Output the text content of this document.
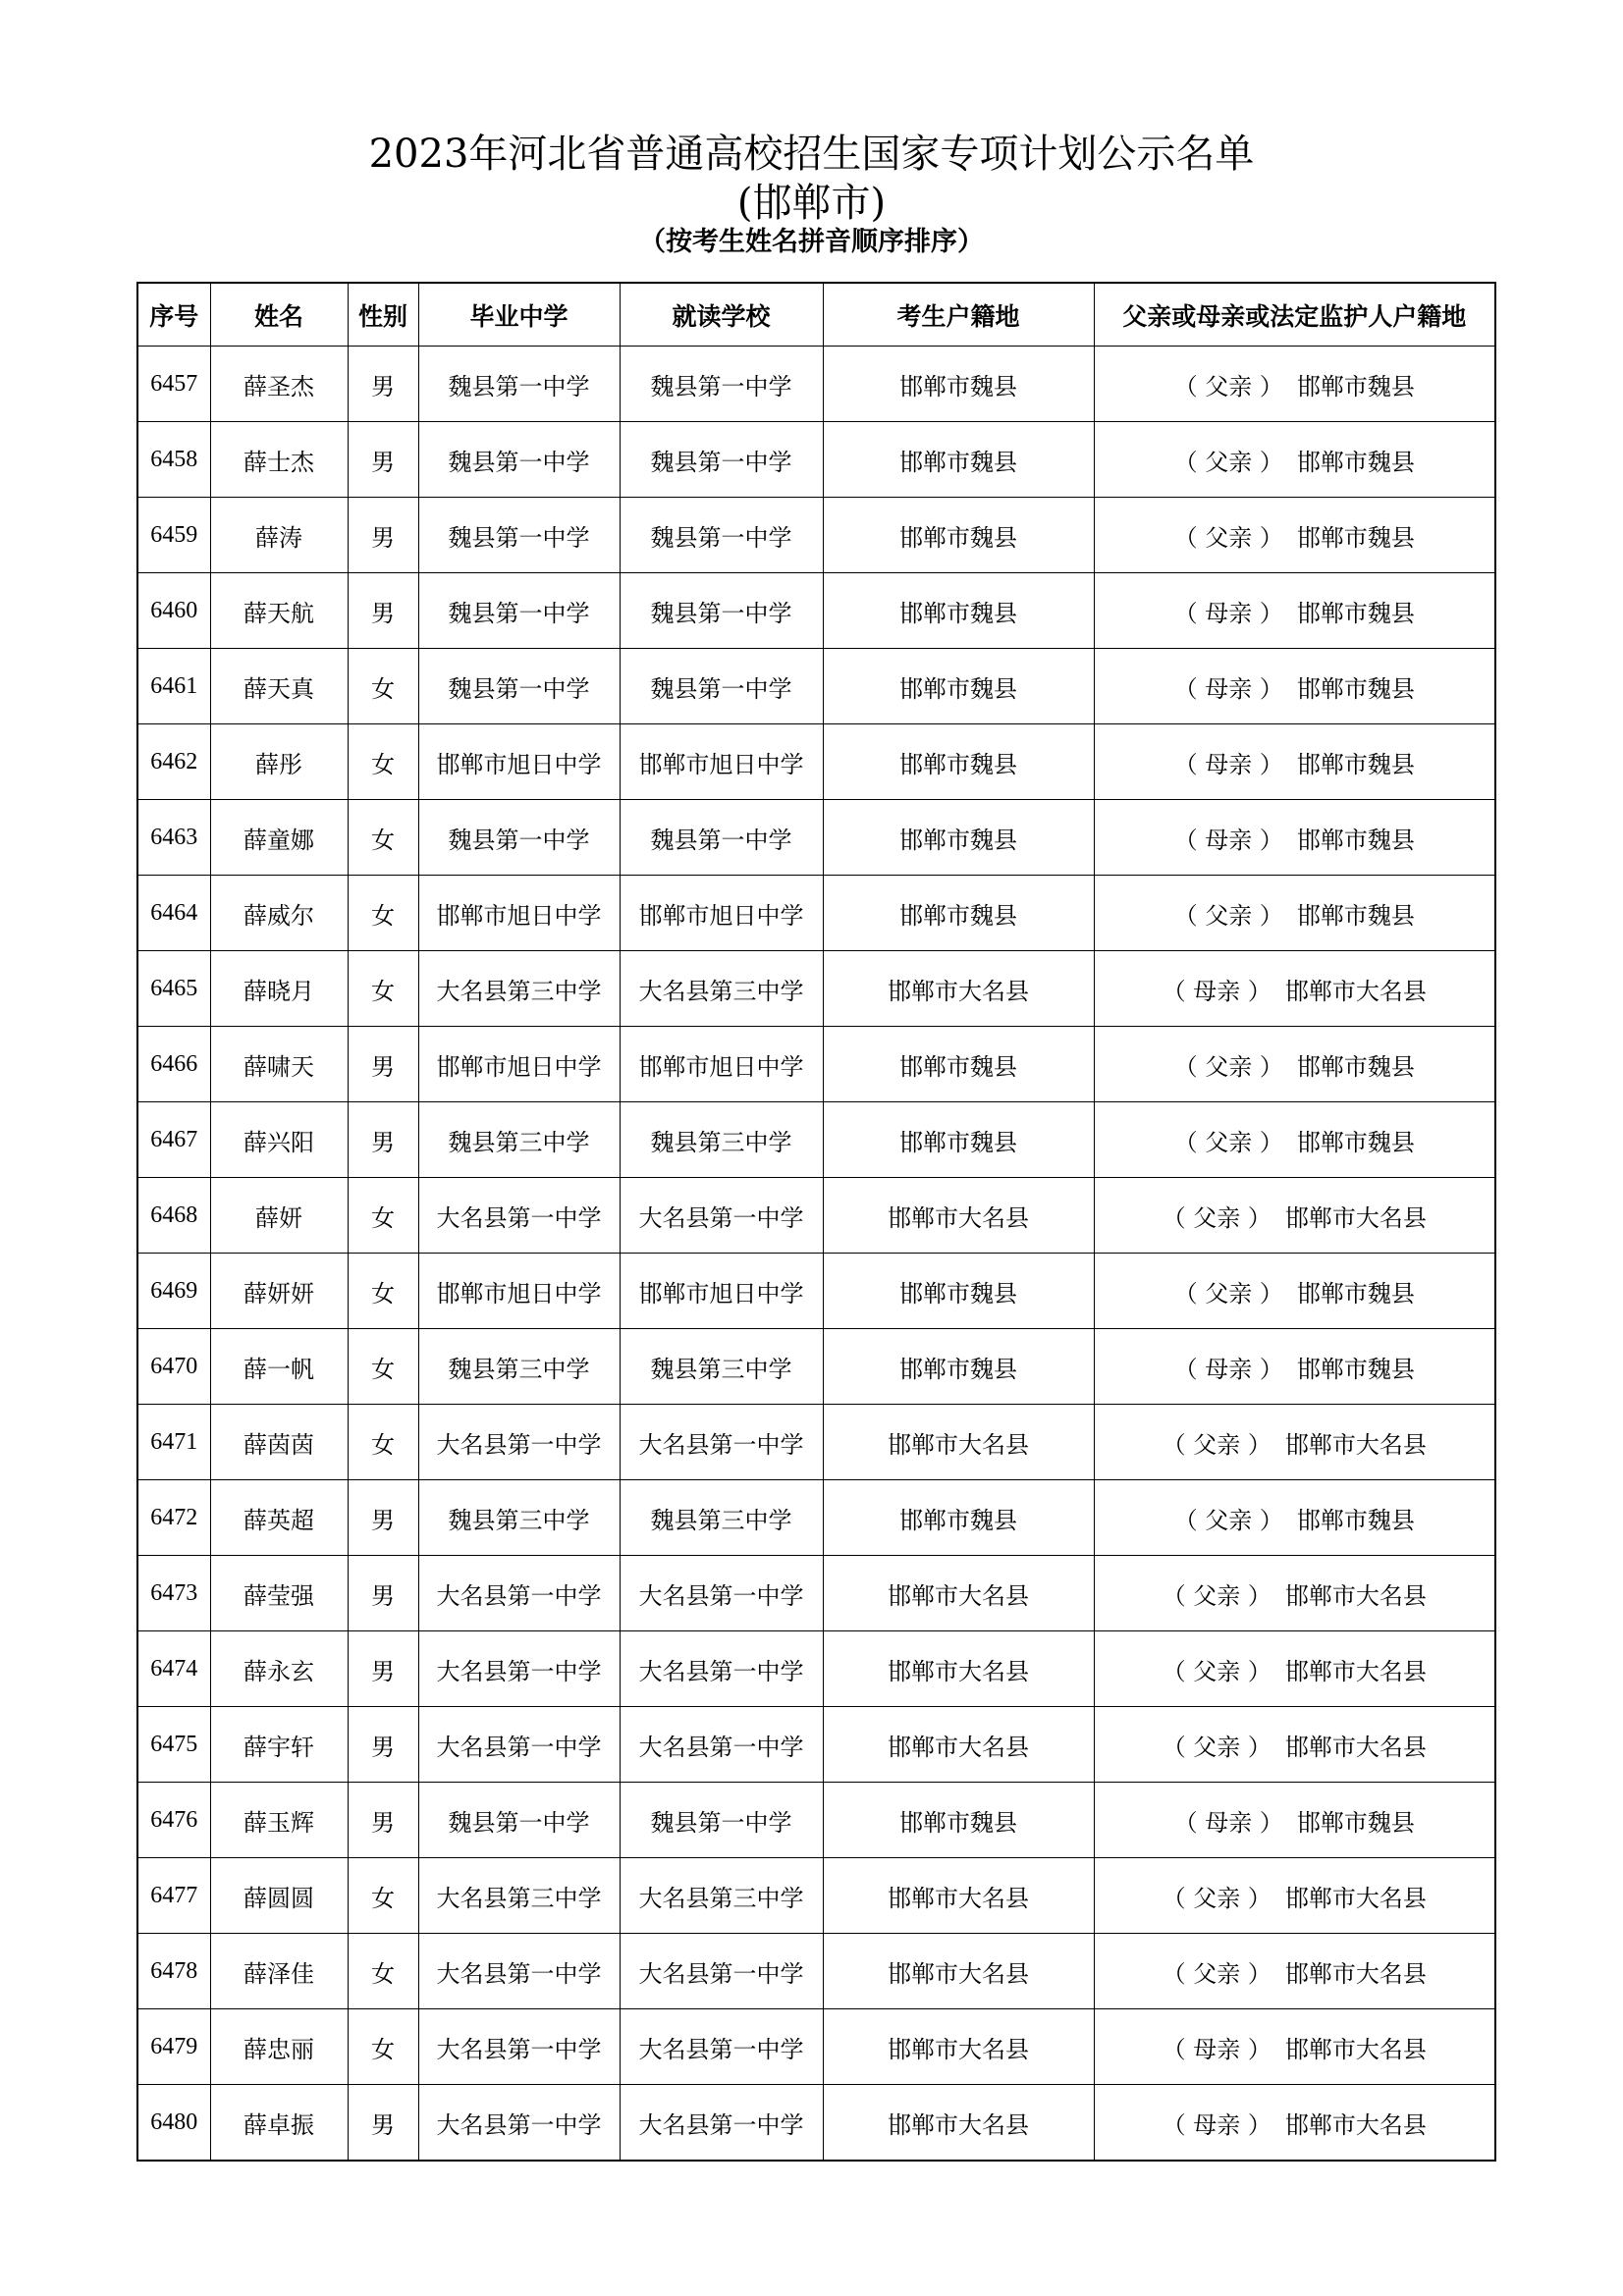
2023年河北省普通高校招生国家专项计划公示名单
(邯郸市)
（按考生姓名拼音顺序排序）
序号	姓名	性别	毕业中学	就读学校	考生户籍地	父亲或母亲或法定监护人户籍地
6457	薛圣杰	男	魏县第一中学	魏县第一中学	邯郸市魏县	（ 父亲 ） 邯郸市魏县
6458	薛士杰	男	魏县第一中学	魏县第一中学	邯郸市魏县	（ 父亲 ） 邯郸市魏县
6459	薛涛	男	魏县第一中学	魏县第一中学	邯郸市魏县	（ 父亲 ） 邯郸市魏县
6460	薛天航	男	魏县第一中学	魏县第一中学	邯郸市魏县	（ 母亲 ） 邯郸市魏县
6461	薛天真	女	魏县第一中学	魏县第一中学	邯郸市魏县	（ 母亲 ） 邯郸市魏县
6462	薛彤	女	邯郸市旭日中学	邯郸市旭日中学	邯郸市魏县	（ 母亲 ） 邯郸市魏县
6463	薛童娜	女	魏县第一中学	魏县第一中学	邯郸市魏县	（ 母亲 ） 邯郸市魏县
6464	薛威尔	女	邯郸市旭日中学	邯郸市旭日中学	邯郸市魏县	（ 父亲 ） 邯郸市魏县
6465	薛晓月	女	大名县第三中学	大名县第三中学	邯郸市大名县	（ 母亲 ） 邯郸市大名县
6466	薛啸天	男	邯郸市旭日中学	邯郸市旭日中学	邯郸市魏县	（ 父亲 ） 邯郸市魏县
6467	薛兴阳	男	魏县第三中学	魏县第三中学	邯郸市魏县	（ 父亲 ） 邯郸市魏县
6468	薛妍	女	大名县第一中学	大名县第一中学	邯郸市大名县	（ 父亲 ） 邯郸市大名县
6469	薛妍妍	女	邯郸市旭日中学	邯郸市旭日中学	邯郸市魏县	（ 父亲 ） 邯郸市魏县
6470	薛一帆	女	魏县第三中学	魏县第三中学	邯郸市魏县	（ 母亲 ） 邯郸市魏县
6471	薛茵茵	女	大名县第一中学	大名县第一中学	邯郸市大名县	（ 父亲 ） 邯郸市大名县
6472	薛英超	男	魏县第三中学	魏县第三中学	邯郸市魏县	（ 父亲 ） 邯郸市魏县
6473	薛莹强	男	大名县第一中学	大名县第一中学	邯郸市大名县	（ 父亲 ） 邯郸市大名县
6474	薛永玄	男	大名县第一中学	大名县第一中学	邯郸市大名县	（ 父亲 ） 邯郸市大名县
6475	薛宇轩	男	大名县第一中学	大名县第一中学	邯郸市大名县	（ 父亲 ） 邯郸市大名县
6476	薛玉辉	男	魏县第一中学	魏县第一中学	邯郸市魏县	（ 母亲 ） 邯郸市魏县
6477	薛圆圆	女	大名县第三中学	大名县第三中学	邯郸市大名县	（ 父亲 ） 邯郸市大名县
6478	薛泽佳	女	大名县第一中学	大名县第一中学	邯郸市大名县	（ 父亲 ） 邯郸市大名县
6479	薛忠丽	女	大名县第一中学	大名县第一中学	邯郸市大名县	（ 母亲 ） 邯郸市大名县
6480	薛卓振	男	大名县第一中学	大名县第一中学	邯郸市大名县	（ 母亲 ） 邯郸市大名县
